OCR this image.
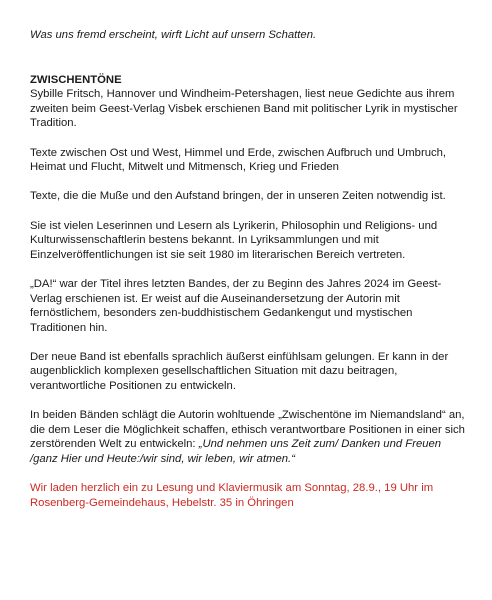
Was uns fremd erscheint, wirft Licht auf unsern Schatten.

ZWISCHENTÖNE

Sybille Fritsch, Hannover und Windheim-Petershagen, liest neue Gedichte aus ihrem zweiten beim Geest-Verlag Visbek erschienen Band mit politischer Lyrik in mystischer Tradition.

Texte zwischen Ost und West, Himmel und Erde, zwischen Aufbruch und Umbruch, Heimat und Flucht, Mitwelt und Mitmensch, Krieg und Frieden

Texte, die die Muße und den Aufstand bringen, der in unseren Zeiten notwendig ist.

Sie ist vielen Leserinnen und Lesern als Lyrikerin, Philosophin und Religions- und Kulturwissenschaftlerin bestens bekannt. In Lyriksammlungen und mit Einzelveröffentlichungen ist sie seit 1980 im literarischen Bereich vertreten.

„DA!“ war der Titel ihres letzten Bandes, der zu Beginn des Jahres 2024 im Geest-Verlag erschienen ist. Er weist auf die Auseinandersetzung der Autorin mit fernöstlichem, besonders zen-buddhistischem Gedankengut und mystischen Traditionen hin.

Der neue Band ist ebenfalls sprachlich äußerst einfühlsam gelungen. Er kann in der augenblicklich komplexen gesellschaftlichen Situation mit dazu beitragen, verantwortliche Positionen zu entwickeln.

In beiden Bänden schlägt die Autorin wohltuende „Zwischentöne im Niemandsland“ an, die dem Leser die Möglichkeit schaffen, ethisch verantwortbare Positionen in einer sich zerstörenden Welt zu entwickeln: „Und nehmen uns Zeit zum/ Danken und Freuen /ganz Hier und Heute:/wir sind, wir leben, wir atmen.“

Wir laden herzlich ein zu Lesung und Klaviermusik am Sonntag, 28.9., 19 Uhr im Rosenberg-Gemeindehaus, Hebelstr. 35 in Öhringen
